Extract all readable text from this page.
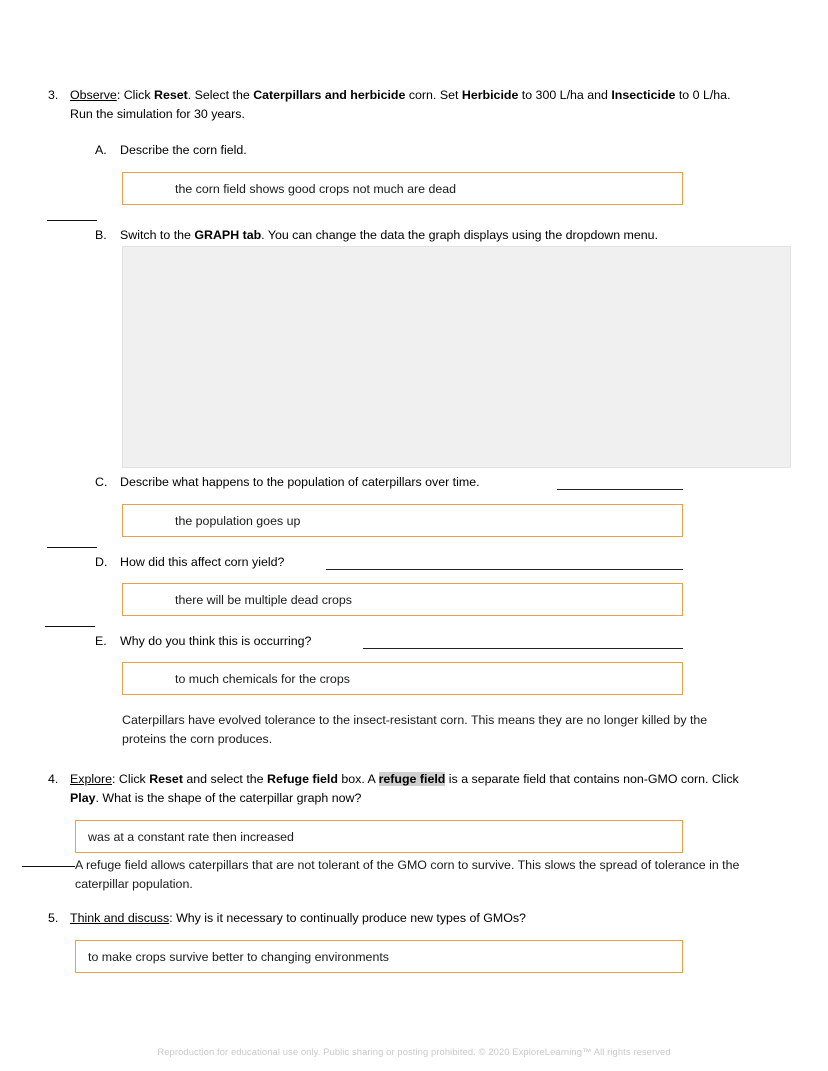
3. Observe: Click Reset. Select the Caterpillars and herbicide corn. Set Herbicide to 300 L/ha and Insecticide to 0 L/ha. Run the simulation for 30 years.
A.	Describe the corn field.
the corn field shows good crops not much are dead
B.	Switch to the GRAPH tab. You can change the data the graph displays using the dropdown menu.
C.	Describe what happens to the population of caterpillars over time.
the population goes up
D.	How did this affect corn yield?
there will be multiple dead crops
E.	Why do you think this is occurring?
to much chemicals for the crops
Caterpillars have evolved tolerance to the insect-resistant corn. This means they are no longer killed by the proteins the corn produces.
4. Explore: Click Reset and select the Refuge field box. A refuge field is a separate field that contains non-GMO corn. Click Play. What is the shape of the caterpillar graph now?
was at a constant rate then increased
A refuge field allows caterpillars that are not tolerant of the GMO corn to survive. This slows the spread of tolerance in the caterpillar population.
5. Think and discuss: Why is it necessary to continually produce new types of GMOs?
to make crops survive better to changing environments
Reproduction for educational use only. Public sharing or posting prohibited. © 2020 ExploreLearning™ All rights reserved
